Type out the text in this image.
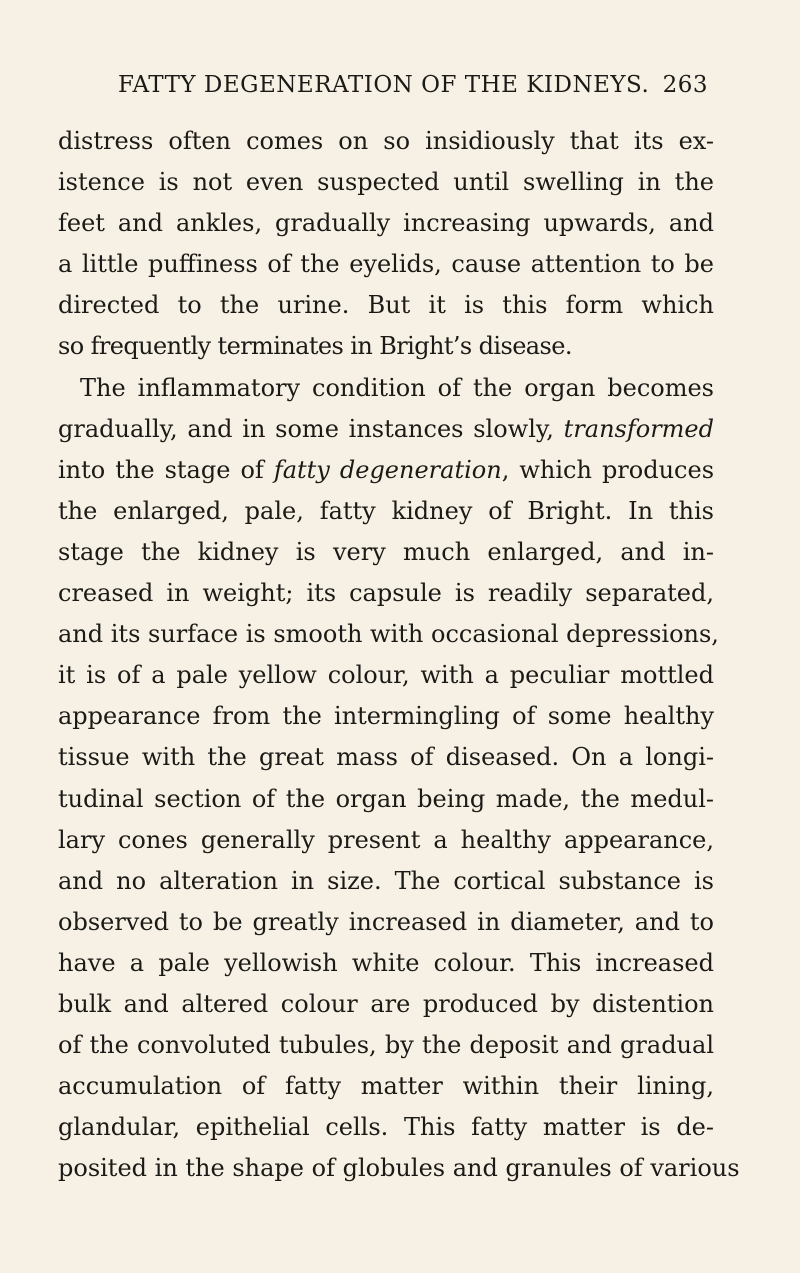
FATTY DEGENERATION OF THE KIDNEYS. 263
distress often comes on so insidiously that its ex-
istence is not even suspected until swelling in the
feet and ankles, gradually increasing upwards, and
a little puffiness of the eyelids, cause attention to be
directed to the urine. But it is this form which
so frequently terminates in Bright’s disease.
The inflammatory condition of the organ becomes
gradually, and in some instances slowly, transformed
into the stage of fatty degeneration, which produces
the enlarged, pale, fatty kidney of Bright. In this
stage the kidney is very much enlarged, and in-
creased in weight; its capsule is readily separated,
and its surface is smooth with occasional depressions,
it is of a pale yellow colour, with a peculiar mottled
appearance from the intermingling of some healthy
tissue with the great mass of diseased. On a longi-
tudinal section of the organ being made, the medul-
lary cones generally present a healthy appearance,
and no alteration in size. The cortical substance is
observed to be greatly increased in diameter, and to
have a pale yellowish white colour. This increased
bulk and altered colour are produced by distention
of the convoluted tubules, by the deposit and gradual
accumulation of fatty matter within their lining,
glandular, epithelial cells. This fatty matter is de-
posited in the shape of globules and granules of various
